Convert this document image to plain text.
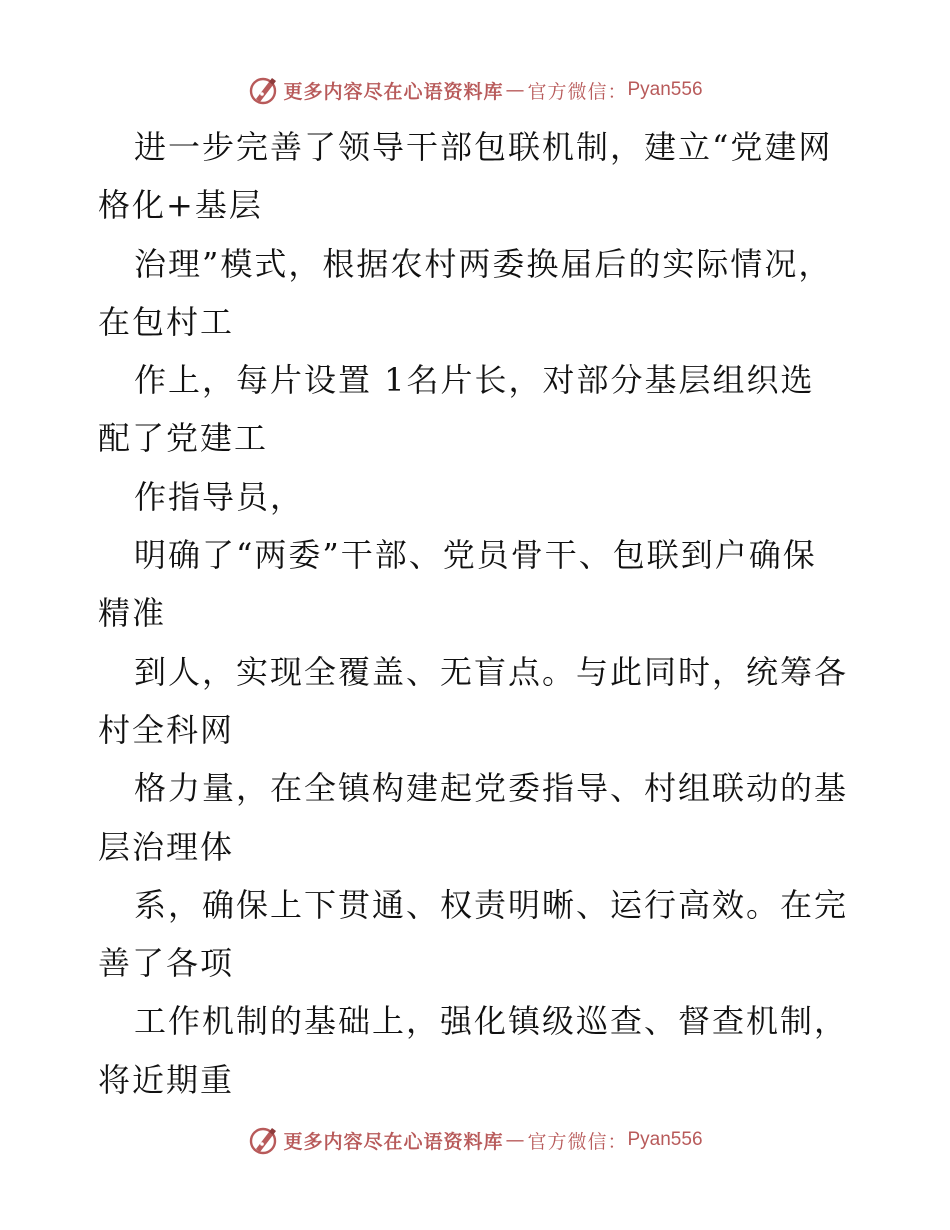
更多内容尽在心语资料库 — 官方微信： Pyan556
进一步完善了领导干部包联机制，建立“党建网
格化+基层
治理”模式，根据农村两委换届后的实际情况，
在包村工
作上，每片设置 1名片长，对部分基层组织选
配了党建工
作指导员，
明确了“两委”干部、党员骨干、包联到户确保
精准
到人，实现全覆盖、无盲点。与此同时，统筹各
村全科网
格力量，在全镇构建起党委指导、村组联动的基
层治理体
系，确保上下贯通、权责明晰、运行高效。在完
善了各项
工作机制的基础上，强化镇级巡查、督查机制，
将近期重
更多内容尽在心语资料库 — 官方微信： Pyan556
